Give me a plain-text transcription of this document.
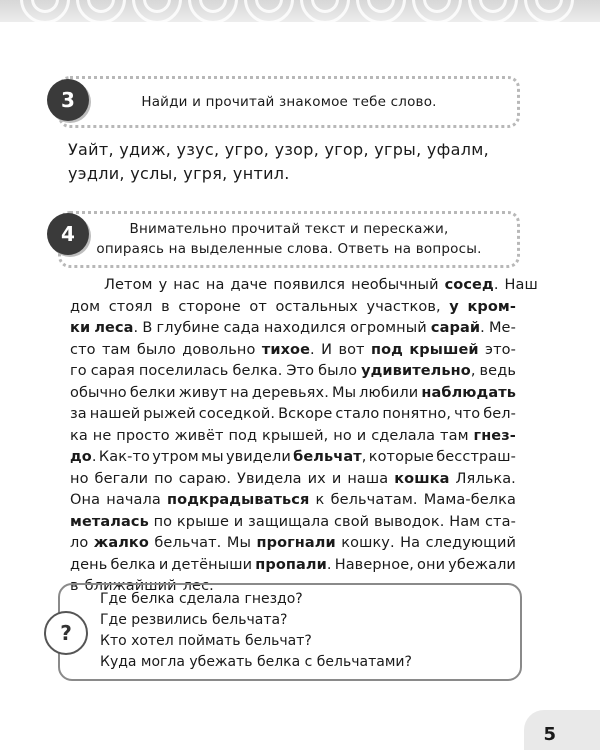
Найди и прочитай знакомое тебе слово.
3
Уайт, удиж, узус, угро, узор, угор, угры, уфалм,
уэдли, услы, угря, унтил.
Внимательно прочитай текст и перескажи,
опираясь на выделенные слова. Ответь на вопросы.
4
Летом у нас на даче появился необычный сосед. Наш
дом стоял в стороне от остальных участков, у кром-
ки леса. В глубине сада находился огромный сарай. Ме-
сто там было довольно тихое. И вот под крышей это-
го сарая поселилась белка. Это было удивительно, ведь
обычно белки живут на деревьях. Мы любили наблюдать
за нашей рыжей соседкой. Вскоре стало понятно, что бел-
ка не просто живёт под крышей, но и сделала там гнез-
до. Как-то утром мы увидели бельчат, которые бесстраш-
но бегали по сараю. Увидела их и наша кошка Лялька.
Она начала подкрадываться к бельчатам. Мама-белка
металась по крыше и защищала свой выводок. Нам ста-
ло жалко бельчат. Мы прогнали кошку. На следующий
день белка и детёныши пропали. Наверное, они убежали
в ближайший лес.
?
Где белка сделала гнездо?
Где резвились бельчата?
Кто хотел поймать бельчат?
Куда могла убежать белка с бельчатами?
5
